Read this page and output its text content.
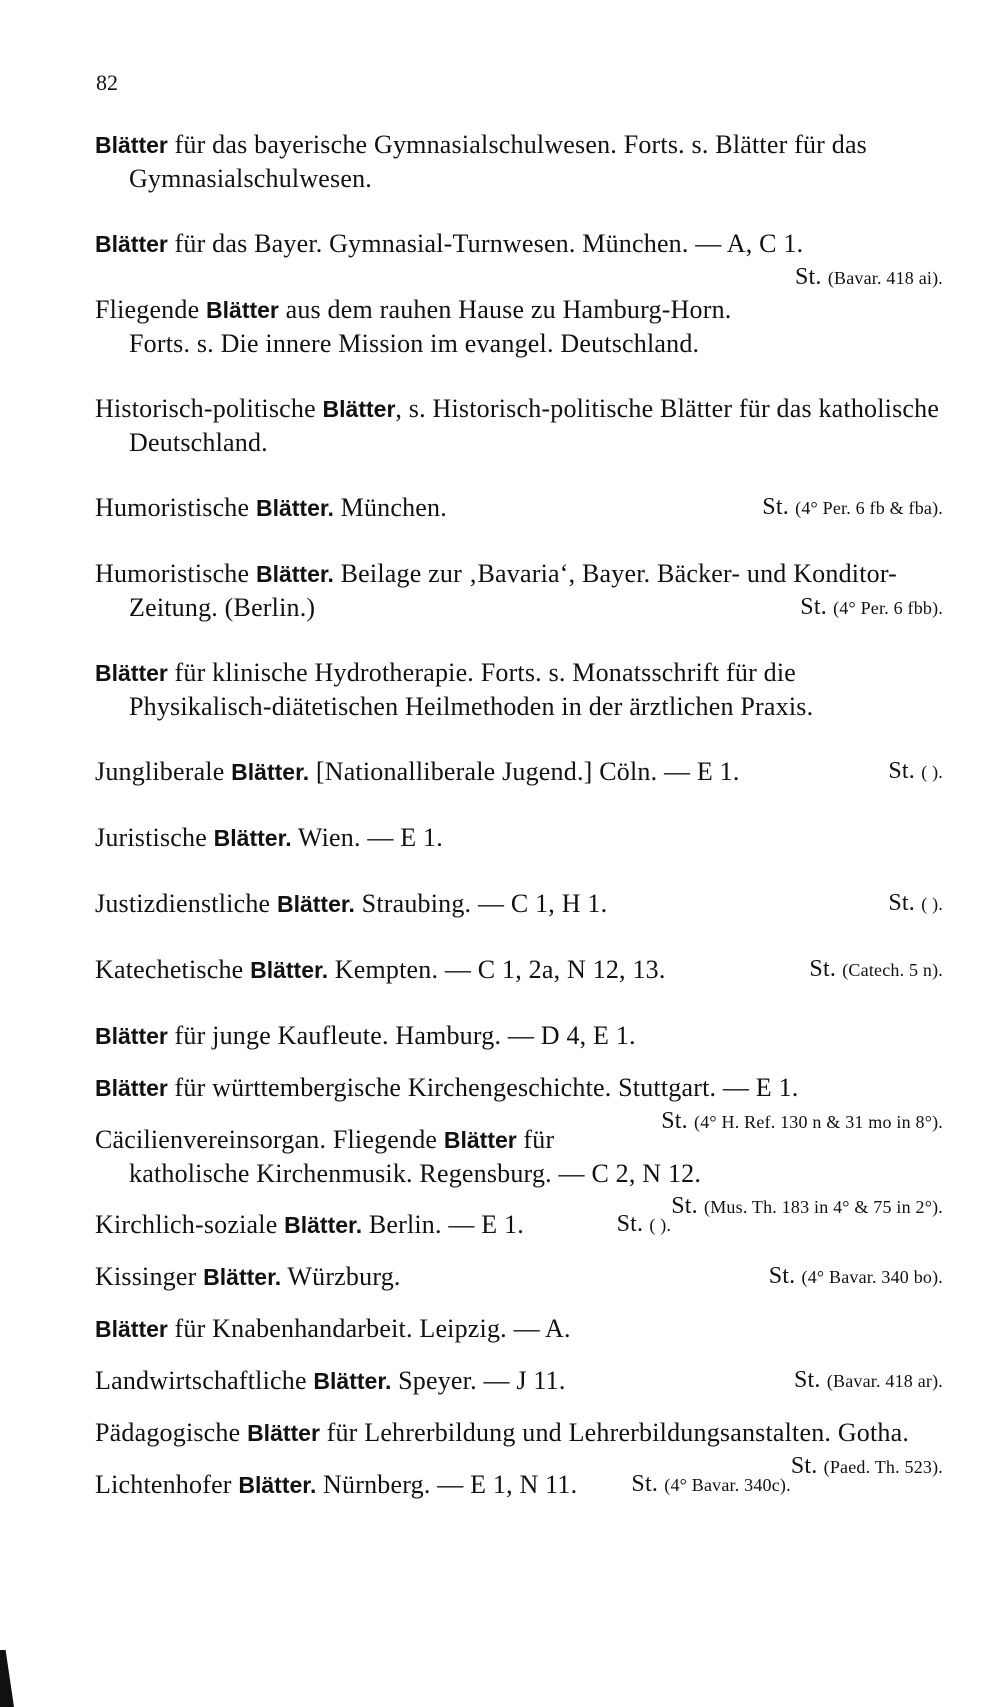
82

Blätter für das bayerische Gymnasialschulwesen. Forts. s. Blätter für das Gymnasialschulwesen.

Blätter für das Bayer. Gymnasial-Turnwesen. München. — A, C 1.
St. (Bavar. 418 ai).

Fliegende Blätter aus dem rauhen Hause zu Hamburg-Horn. Forts. s. Die innere Mission im evangel. Deutschland.

Historisch-politische Blätter, s. Historisch-politische Blätter für das katholische Deutschland.

Humoristische Blätter. München.	St. (4° Per. 6 fb & fba).

Humoristische Blätter. Beilage zur ‚Bavaria‘, Bayer. Bäcker- und Konditor-Zeitung. (Berlin.)	St. (4° Per. 6 fbb).

Blätter für klinische Hydrotherapie. Forts. s. Monatsschrift für die Physikalisch-diätetischen Heilmethoden in der ärztlichen Praxis.

Jungliberale Blätter. [Nationalliberale Jugend.] Cöln. — E 1.	St. ( ).

Juristische Blätter. Wien. — E 1.

Justizdienstliche Blätter. Straubing. — C 1, H 1.	St. ( ).

Katechetische Blätter. Kempten. — C 1, 2a, N 12, 13.	St. (Catech. 5 n).

Blätter für junge Kaufleute. Hamburg. — D 4, E 1.

Blätter für württembergische Kirchengeschichte. Stuttgart. — E 1.
St. (4° H. Ref. 130 n & 31 mo in 8°).

Cäcilienvereinsorgan. Fliegende Blätter für katholische Kirchenmusik. Regensburg. — C 2, N 12.
St. (Mus. Th. 183 in 4° & 75 in 2°).

Kirchlich-soziale Blätter. Berlin. — E 1.	St. ( ).

Kissinger Blätter. Würzburg.	St. (4° Bavar. 340 bo).

Blätter für Knabenhandarbeit. Leipzig. — A.

Landwirtschaftliche Blätter. Speyer. — J 11.	St. (Bavar. 418 ar).

Pädagogische Blätter für Lehrerbildung und Lehrerbildungsanstalten. Gotha.
St. (Paed. Th. 523).

Lichtenhofer Blätter. Nürnberg. — E 1, N 11. St. (4° Bavar. 340c).
